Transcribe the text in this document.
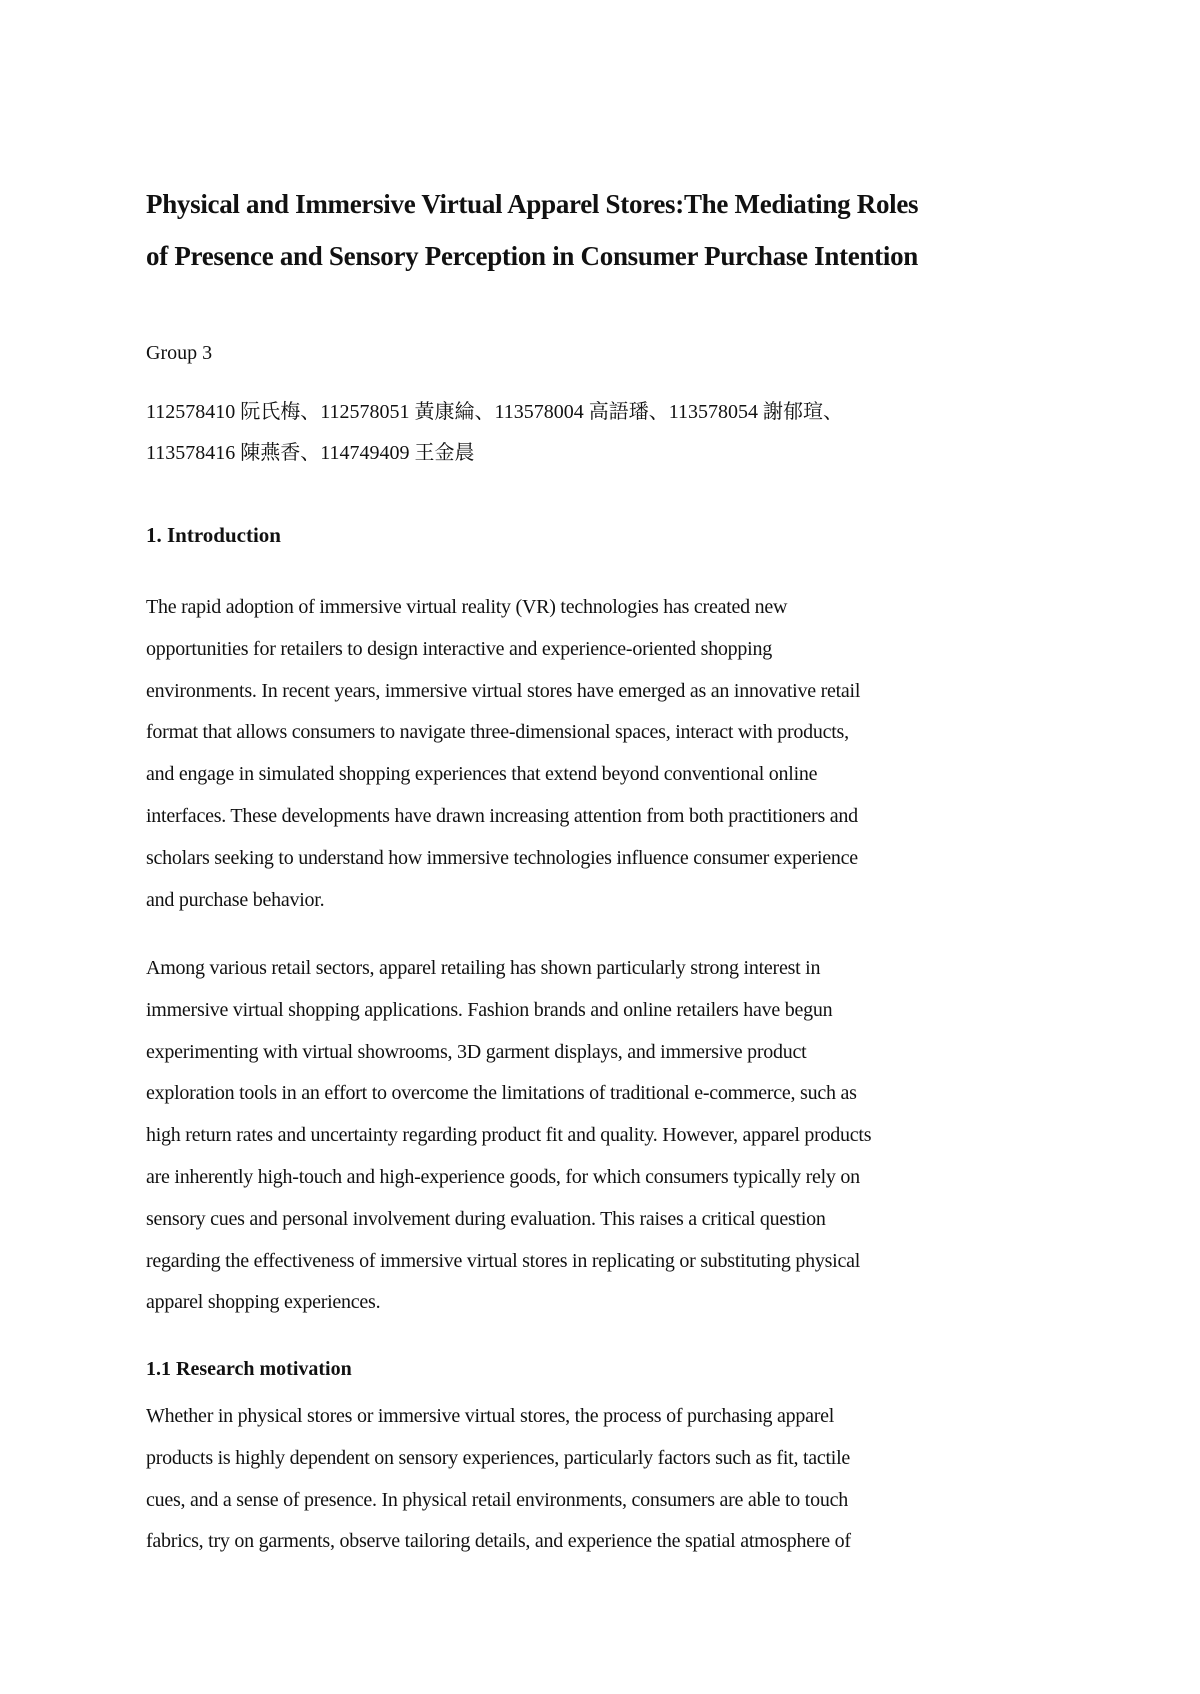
Physical and Immersive Virtual Apparel Stores:The Mediating Roles
of Presence and Sensory Perception in Consumer Purchase Intention

Group 3

112578410 阮氏梅、112578051 黃康綸、113578004 高語璠、113578054 謝郁瑄、
113578416 陳燕香、114749409 王金晨

1. Introduction

The rapid adoption of immersive virtual reality (VR) technologies has created new
opportunities for retailers to design interactive and experience-oriented shopping
environments. In recent years, immersive virtual stores have emerged as an innovative retail
format that allows consumers to navigate three-dimensional spaces, interact with products,
and engage in simulated shopping experiences that extend beyond conventional online
interfaces. These developments have drawn increasing attention from both practitioners and
scholars seeking to understand how immersive technologies influence consumer experience
and purchase behavior.

Among various retail sectors, apparel retailing has shown particularly strong interest in
immersive virtual shopping applications. Fashion brands and online retailers have begun
experimenting with virtual showrooms, 3D garment displays, and immersive product
exploration tools in an effort to overcome the limitations of traditional e-commerce, such as
high return rates and uncertainty regarding product fit and quality. However, apparel products
are inherently high-touch and high-experience goods, for which consumers typically rely on
sensory cues and personal involvement during evaluation. This raises a critical question
regarding the effectiveness of immersive virtual stores in replicating or substituting physical
apparel shopping experiences.

1.1 Research motivation

Whether in physical stores or immersive virtual stores, the process of purchasing apparel
products is highly dependent on sensory experiences, particularly factors such as fit, tactile
cues, and a sense of presence. In physical retail environments, consumers are able to touch
fabrics, try on garments, observe tailoring details, and experience the spatial atmosphere of
